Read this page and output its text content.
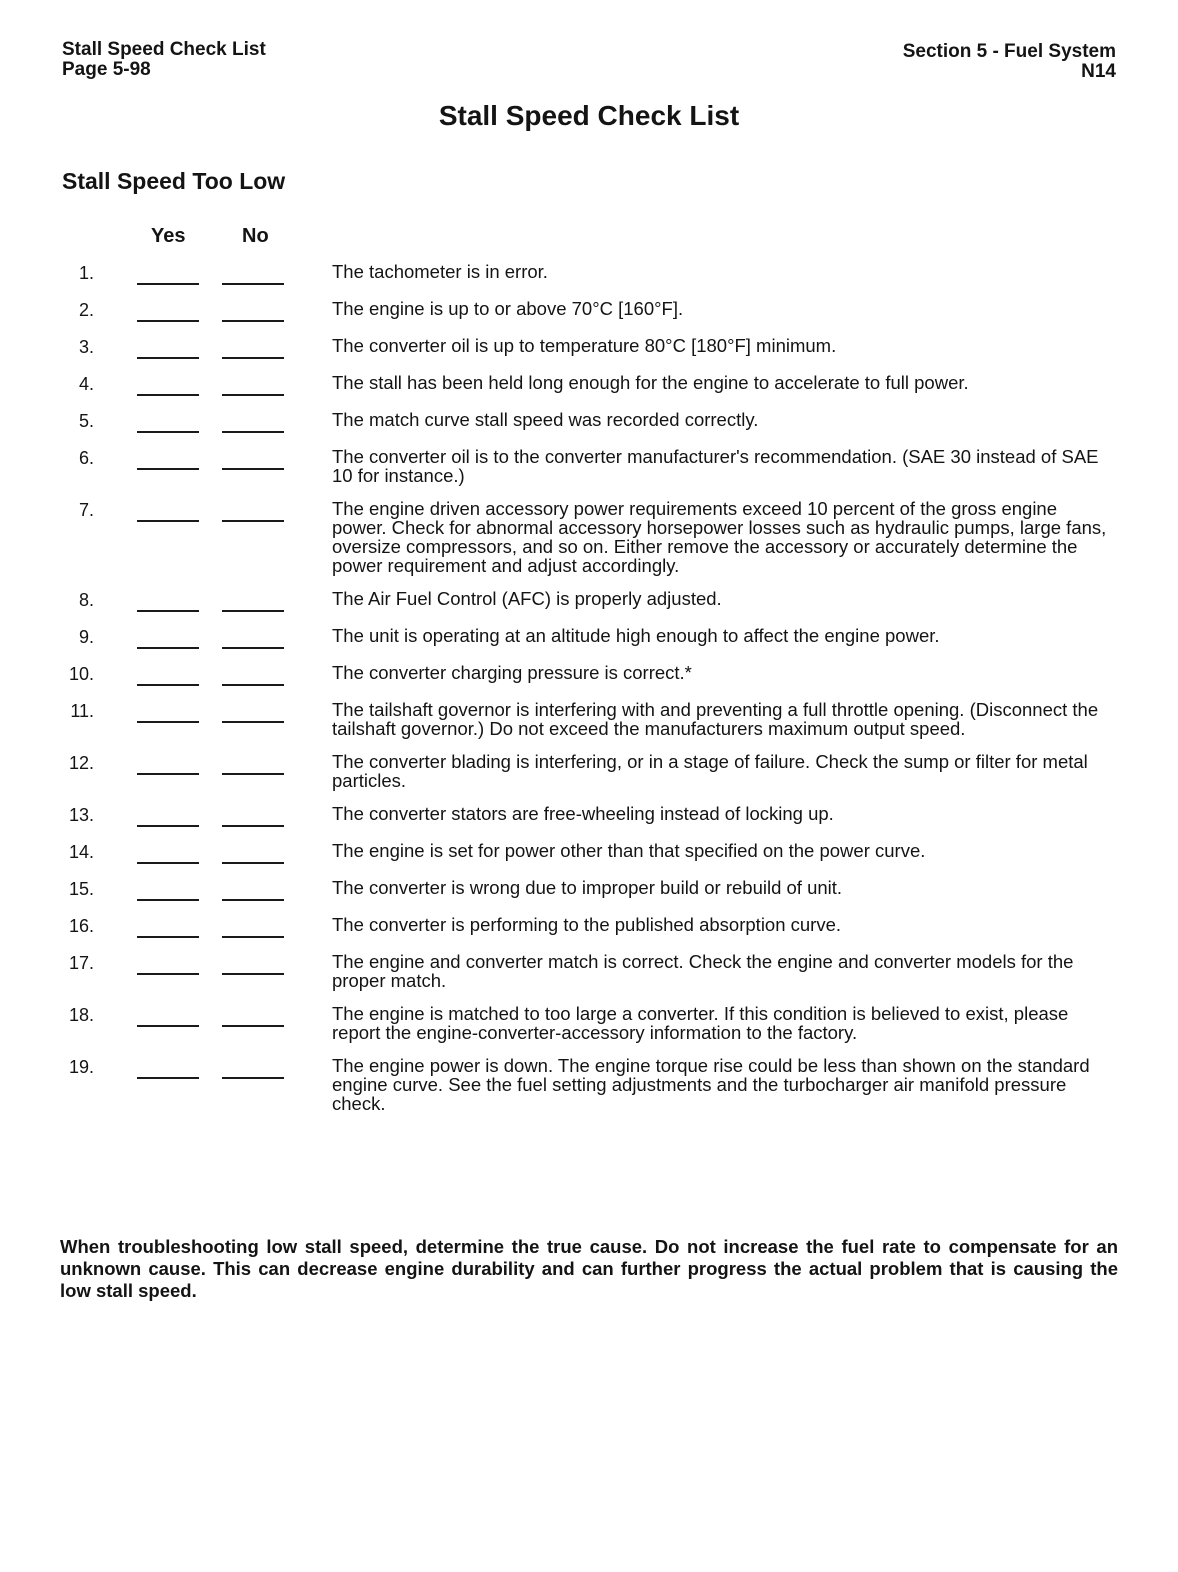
Stall Speed Check List
Page 5-98
Section 5 - Fuel System
N14
Stall Speed Check List
Stall Speed Too Low
Yes	No
1.	The tachometer is in error.
2.	The engine is up to or above 70°C [160°F].
3.	The converter oil is up to temperature 80°C [180°F] minimum.
4.	The stall has been held long enough for the engine to accelerate to full power.
5.	The match curve stall speed was recorded correctly.
6.	The converter oil is to the converter manufacturer's recommendation. (SAE 30 instead of SAE 10 for instance.)
7.	The engine driven accessory power requirements exceed 10 percent of the gross engine power. Check for abnormal accessory horsepower losses such as hydraulic pumps, large fans, oversize compressors, and so on. Either remove the accessory or accurately determine the power requirement and adjust accordingly.
8.	The Air Fuel Control (AFC) is properly adjusted.
9.	The unit is operating at an altitude high enough to affect the engine power.
10.	The converter charging pressure is correct.*
11.	The tailshaft governor is interfering with and preventing a full throttle opening. (Disconnect the tailshaft governor.) Do not exceed the manufacturers maximum output speed.
12.	The converter blading is interfering, or in a stage of failure. Check the sump or filter for metal particles.
13.	The converter stators are free-wheeling instead of locking up.
14.	The engine is set for power other than that specified on the power curve.
15.	The converter is wrong due to improper build or rebuild of unit.
16.	The converter is performing to the published absorption curve.
17.	The engine and converter match is correct. Check the engine and converter models for the proper match.
18.	The engine is matched to too large a converter. If this condition is believed to exist, please report the engine-converter-accessory information to the factory.
19.	The engine power is down. The engine torque rise could be less than shown on the standard engine curve. See the fuel setting adjustments and the turbocharger air manifold pressure check.
When troubleshooting low stall speed, determine the true cause. Do not increase the fuel rate to compensate for an unknown cause. This can decrease engine durability and can further progress the actual problem that is causing the low stall speed.
